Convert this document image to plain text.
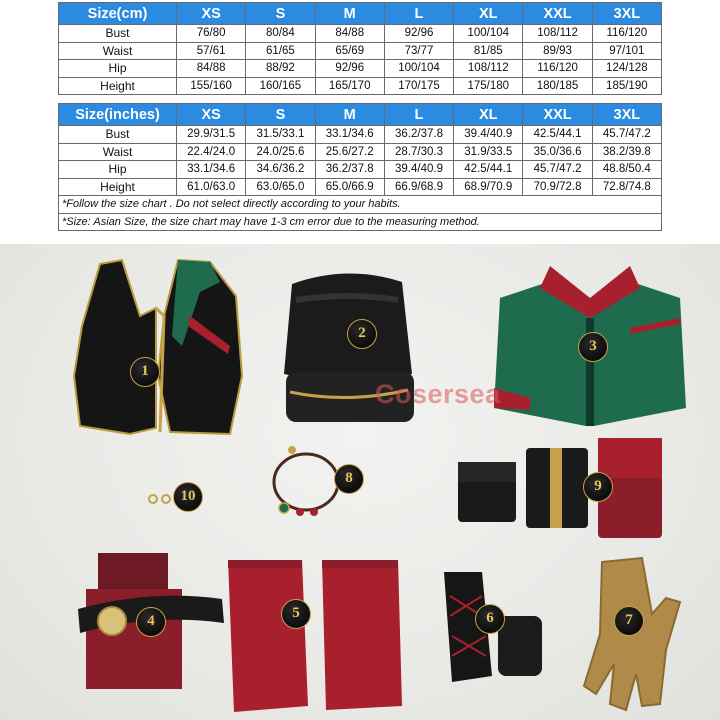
Size(cm)	XS	S	M	L	XL	XXL	3XL
Bust	76/80	80/84	84/88	92/96	100/104	108/112	116/120
Waist	57/61	61/65	65/69	73/77	81/85	89/93	97/101
Hip	84/88	88/92	92/96	100/104	108/112	116/120	124/128
Height	155/160	160/165	165/170	170/175	175/180	180/185	185/190
Size(inches)	XS	S	M	L	XL	XXL	3XL
Bust	29.9/31.5	31.5/33.1	33.1/34.6	36.2/37.8	39.4/40.9	42.5/44.1	45.7/47.2
Waist	22.4/24.0	24.0/25.6	25.6/27.2	28.7/30.3	31.9/33.5	35.0/36.6	38.2/39.8
Hip	33.1/34.6	34.6/36.2	36.2/37.8	39.4/40.9	42.5/44.1	45.7/47.2	48.8/50.4
Height	61.0/63.0	63.0/65.0	65.0/66.9	66.9/68.9	68.9/70.9	70.9/72.8	72.8/74.8
*Follow the size chart . Do not select directly according to your habits.
*Size: Asian Size, the size chart may have 1-3 cm error due to the measuring method.
Cosersea
1
2
3
4	5	6	7
8	9
10
